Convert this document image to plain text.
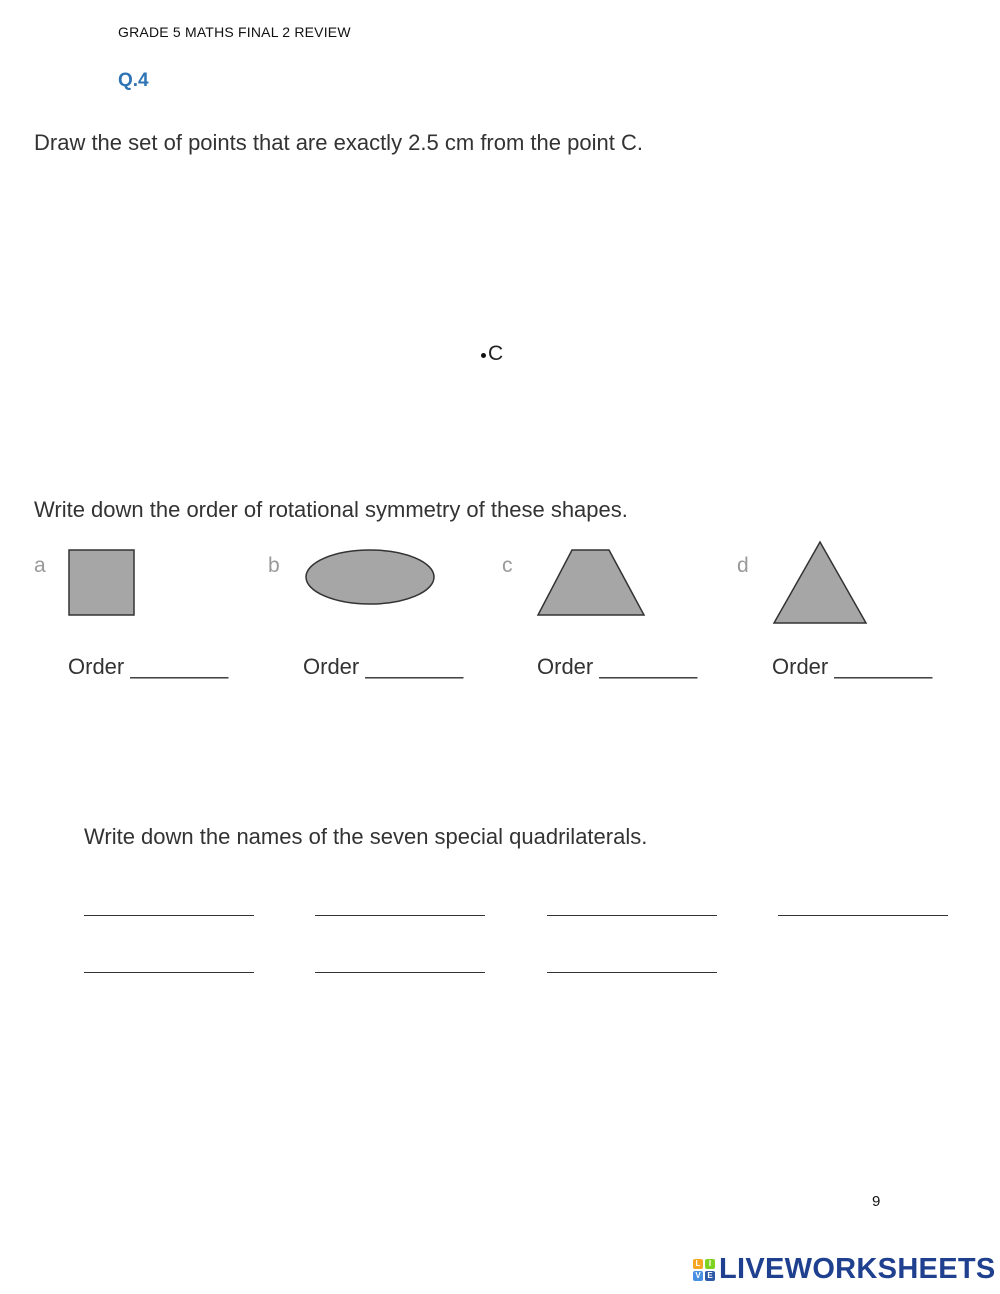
GRADE 5 MATHS FINAL 2 REVIEW
Q.4
Draw the set of points that are exactly 2.5 cm from the point C.
C
Write down the order of rotational symmetry of these shapes.
a
Order ________
b
Order ________
c
Order ________
d
Order ________
Write down the names of the seven special quadrilaterals.
9
L	I
V E LIVEWORKSHEETS
